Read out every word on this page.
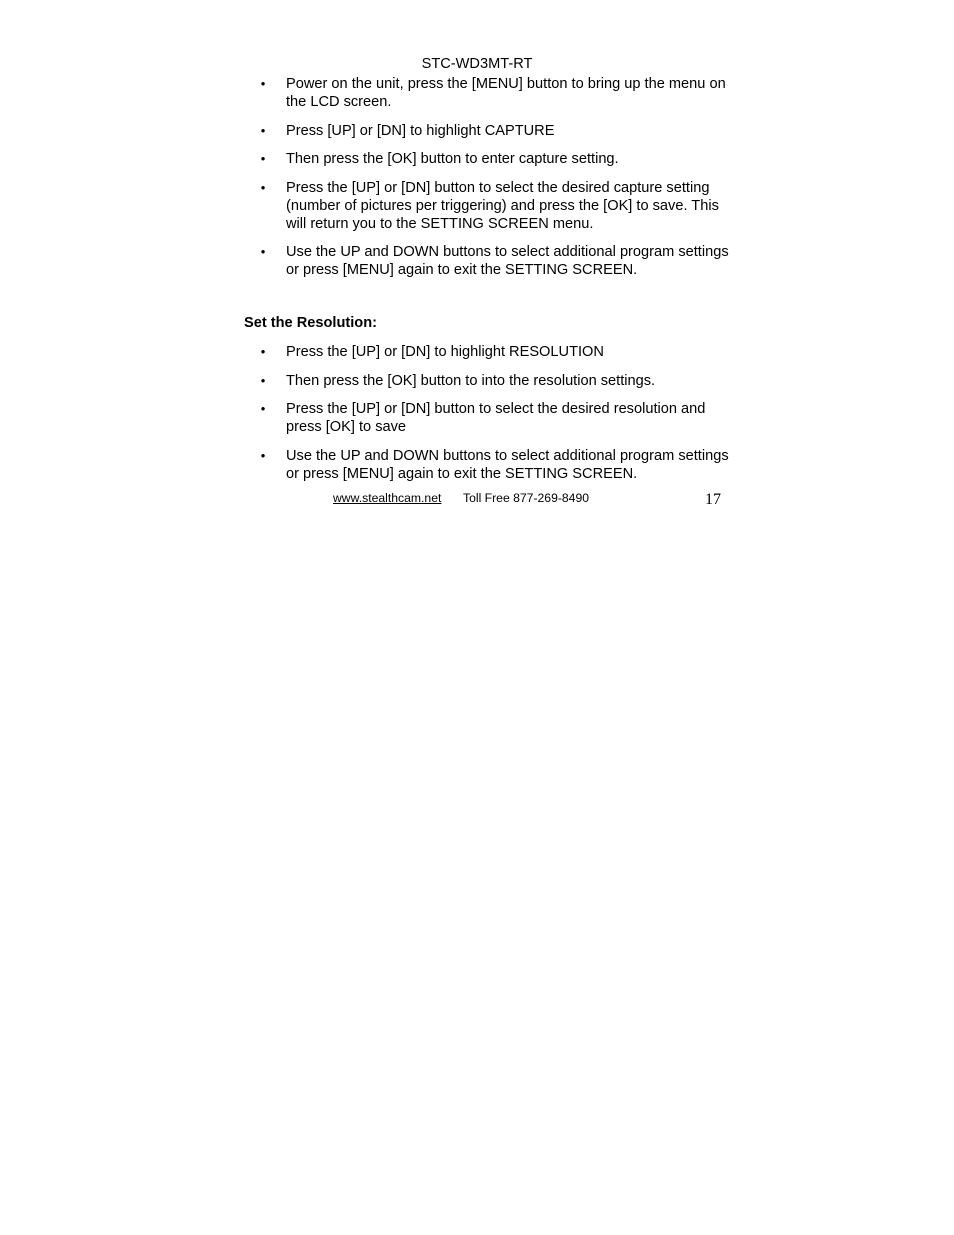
STC-WD3MT-RT
• Power on the unit, press the [MENU] button to bring up the menu on the LCD screen.
• Press [UP] or [DN] to highlight CAPTURE
• Then press the [OK] button to enter capture setting.
• Press the [UP] or [DN] button to select the desired capture setting (number of pictures per triggering) and press the [OK] to save. This will return you to the SETTING SCREEN menu.
• Use the UP and DOWN buttons to select additional program settings or press [MENU] again to exit the SETTING SCREEN.
Set the Resolution:
• Press the [UP] or [DN] to highlight RESOLUTION
• Then press the [OK] button to into the resolution settings.
• Press the [UP] or [DN] button to select the desired resolution and press [OK] to save
• Use the UP and DOWN buttons to select additional program settings or press [MENU] again to exit the SETTING SCREEN.
www.stealthcam.net Toll Free 877-269-8490	17
